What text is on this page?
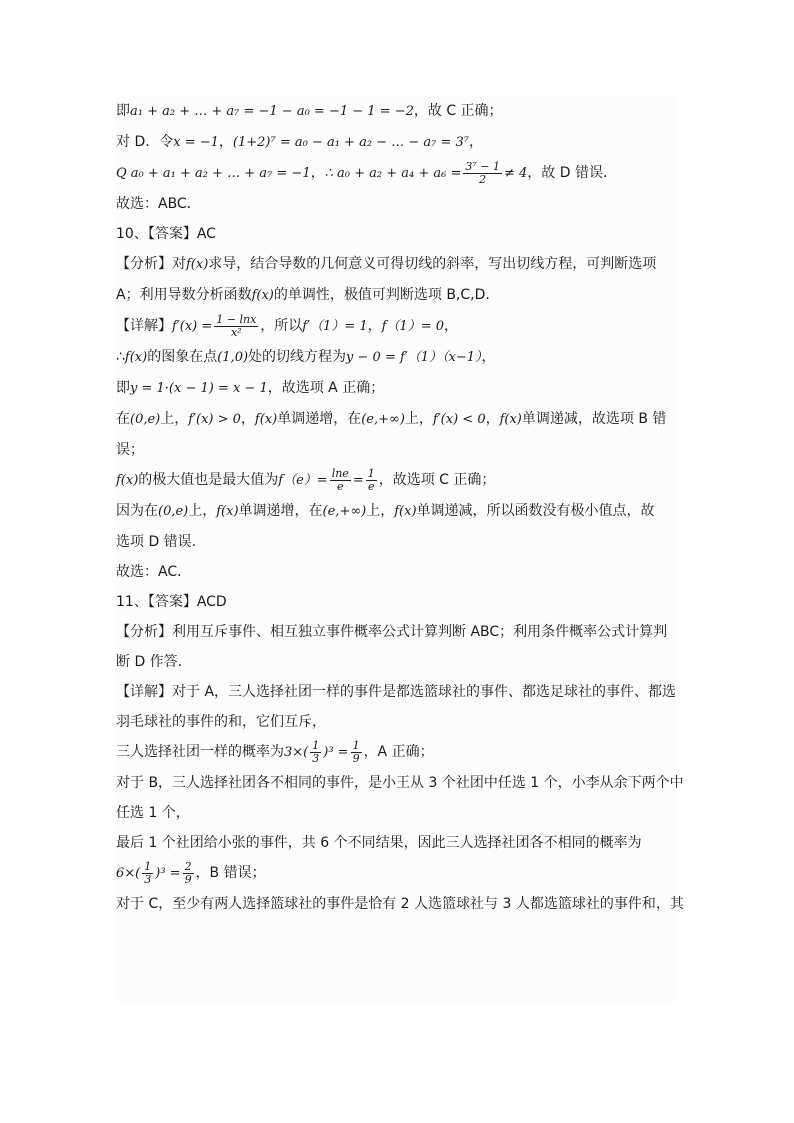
即a₁ + a₂ + … + a₇ = −1 − a₀ = −1 − 1 = −2，故 C 正确；
对 D．令x = −1，(1+2)⁷ = a₀ − a₁ + a₂ − … − a₇ = 3⁷，
Q a₀ + a₁ + a₂ + … + a₇ = −1，∴ $a_0 + a_2 + a_4 + a_6 = \frac{\text{3⁷ − 1}}{2} \ne 4$，故 D 错误．
故选：ABC．
10、【答案】AC
【分析】对f(x)求导，结合导数的几何意义可得切线的斜率，写出切线方程，可判断选项
A；利用导数分析函数f(x)的单调性，极值可判断选项 B,C,D．
【详解】$f'(x) = \frac{1 - \ln x}{\text{x²}}$ ，所以f′（1）= 1，f（1）= 0，
∴f(x)的图象在点(1,0)处的切线方程为y − 0 = f′（1）（x−1），
即y = 1·(x − 1) = x − 1，故选项 A 正确；
在(0,e)上，f′(x) > 0，f(x)单调递增，在(e,+∞)上，f′(x) < 0，f(x)单调递减，故选项 B 错
误；
f(x)的极大值也是最大值为$f(e)= \frac{\ln e}{e} = \frac{1}{e}$ ，故选项 C 正确；
因为在(0,e)上，f(x)单调递增，在(e,+∞)上，f(x)单调递减，所以函数没有极小值点，故
选项 D 错误.
故选：AC．
11、【答案】ACD
【分析】利用互斥事件、相互独立事件概率公式计算判断 ABC；利用条件概率公式计算判
断 D 作答.
【详解】对于 A，三人选择社团一样的事件是都选篮球社的事件、都选足球社的事件、都选
羽毛球社的事件的和，它们互斥，
三人选择社团一样的概率为$3\times( \frac{1}{3} )^3 = \frac{1}{9}$ ，A 正确；
对于 B，三人选择社团各不相同的事件，是小王从 3 个社团中任选 1 个，小李从余下两个中
任选 1 个，
最后 1 个社团给小张的事件，共 6 个不同结果，因此三人选择社团各不相同的概率为
$6\times( \frac{1}{3} )^3 = \frac{2}{9}$ ，B 错误；
对于 C，至少有两人选择篮球社的事件是恰有 2 人选篮球社与 3 人都选篮球社的事件和，其
